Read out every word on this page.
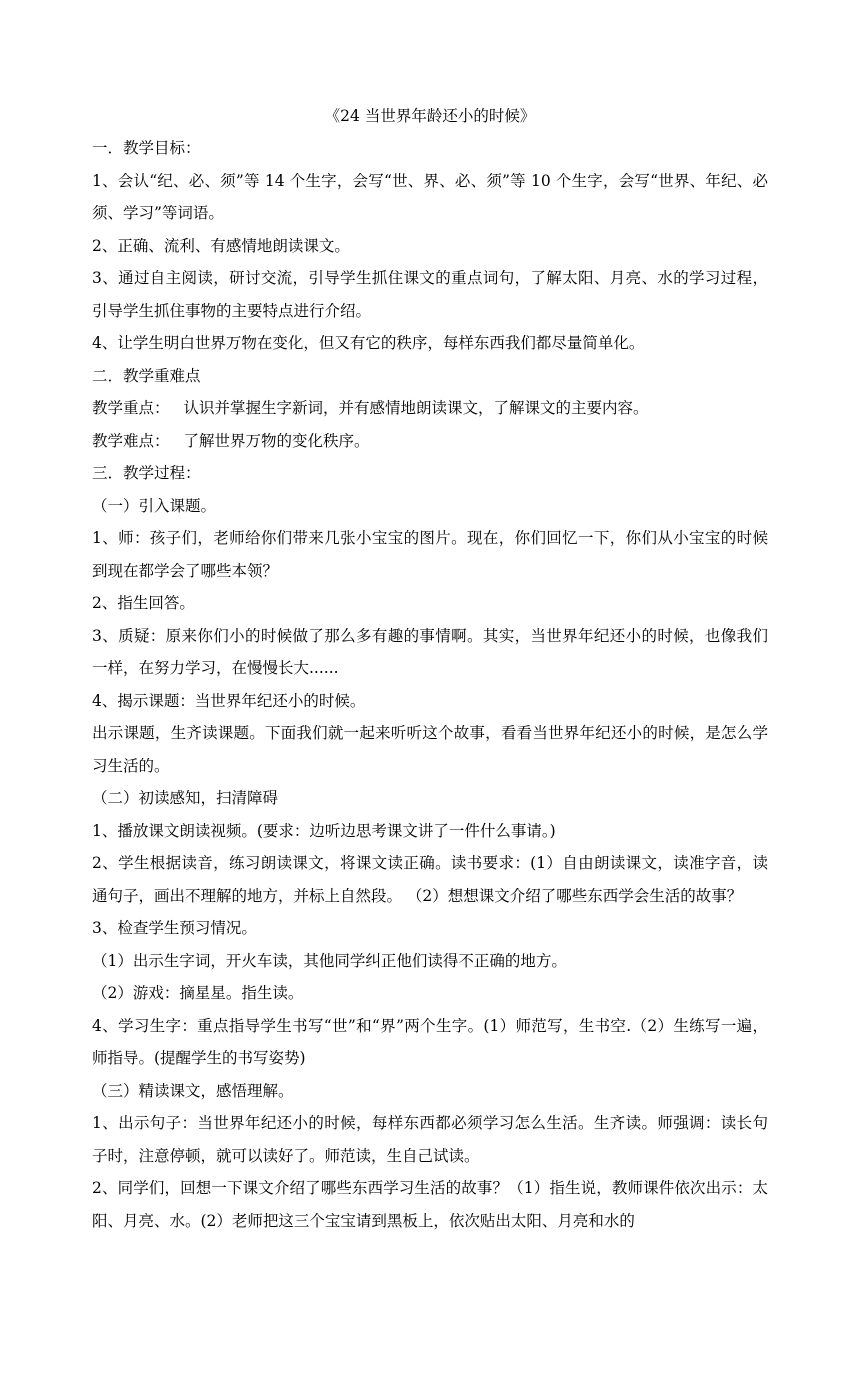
《24 当世界年龄还小的时候》

一．教学目标：

1、会认“纪、必、须”等 14 个生字，会写“世、界、必、须”等 10 个生字，会写“世界、年纪、必须、学习”等词语。

2、正确、流利、有感情地朗读课文。

3、通过自主阅读，研讨交流，引导学生抓住课文的重点词句，了解太阳、月亮、水的学习过程，引导学生抓住事物的主要特点进行介绍。

4、让学生明白世界万物在变化，但又有它的秩序，每样东西我们都尽量简单化。

二．教学重难点

教学重点： 认识并掌握生字新词，并有感情地朗读课文，了解课文的主要内容。

教学难点： 了解世界万物的变化秩序。

三．教学过程：

（一）引入课题。

1、师：孩子们，老师给你们带来几张小宝宝的图片。现在，你们回忆一下，你们从小宝宝的时候到现在都学会了哪些本领？

2、指生回答。

3、质疑：原来你们小的时候做了那么多有趣的事情啊。其实，当世界年纪还小的时候，也像我们一样，在努力学习，在慢慢长大......

4、揭示课题：当世界年纪还小的时候。

出示课题，生齐读课题。下面我们就一起来听听这个故事，看看当世界年纪还小的时候，是怎么学习生活的。

（二）初读感知，扫清障碍

1、播放课文朗读视频。(要求：边听边思考课文讲了一件什么事请。)

2、学生根据读音，练习朗读课文，将课文读正确。读书要求：(1）自由朗读课文，读准字音，读通句子，画出不理解的地方，并标上自然段。 （2）想想课文介绍了哪些东西学会生活的故事？

3、检查学生预习情况。

（1）出示生字词，开火车读，其他同学纠正他们读得不正确的地方。

（2）游戏：摘星星。指生读。

4、学习生字：重点指导学生书写“世”和“界”两个生字。(1）师范写，生书空.（2）生练写一遍，师指导。(提醒学生的书写姿势)

（三）精读课文，感悟理解。

1、出示句子：当世界年纪还小的时候，每样东西都必须学习怎么生活。生齐读。师强调：读长句子时，注意停顿，就可以读好了。师范读，生自己试读。

2、同学们，回想一下课文介绍了哪些东西学习生活的故事？（1）指生说，教师课件依次出示：太阳、月亮、水。(2）老师把这三个宝宝请到黑板上，依次贴出太阳、月亮和水的
